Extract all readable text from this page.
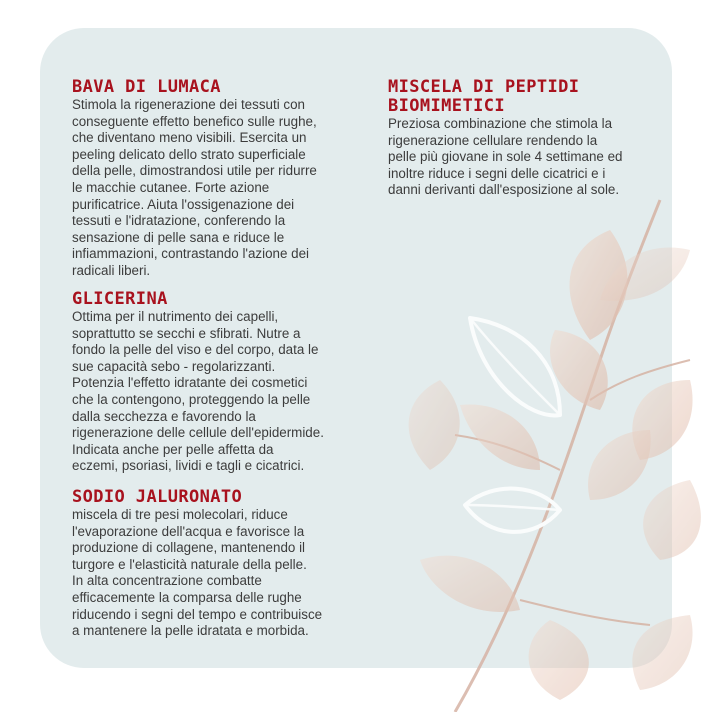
BAVA DI LUMACA
Stimola la rigenerazione dei tessuti con
conseguente effetto benefico sulle rughe,
che diventano meno visibili. Esercita un
peeling delicato dello strato superficiale
della pelle, dimostrandosi utile per ridurre
le macchie cutanee. Forte azione
purificatrice. Aiuta l'ossigenazione dei
tessuti e l'idratazione, conferendo la
sensazione di pelle sana e riduce le
infiammazioni, contrastando l'azione dei
radicali liberi.
GLICERINA
Ottima per il nutrimento dei capelli,
soprattutto se secchi e sfibrati. Nutre a
fondo la pelle del viso e del corpo, data le
sue capacità sebo - regolarizzanti.
Potenzia l'effetto idratante dei cosmetici
che la contengono, proteggendo la pelle
dalla secchezza e favorendo la
rigenerazione delle cellule dell'epidermide.
Indicata anche per pelle affetta da
eczemi, psoriasi, lividi e tagli e cicatrici.
SODIO JALURONATO
miscela di tre pesi molecolari, riduce
l'evaporazione dell'acqua e favorisce la
produzione di collagene, mantenendo il
turgore e l'elasticità naturale della pelle.
In alta concentrazione combatte
efficacemente la comparsa delle rughe
riducendo i segni del tempo e contribuisce
a mantenere la pelle idratata e morbida.
MISCELA DI PEPTIDI
BIOMIMETICI
Preziosa combinazione che stimola la
rigenerazione cellulare rendendo la
pelle più giovane in sole 4 settimane ed
inoltre riduce i segni delle cicatrici e i
danni derivanti dall'esposizione al sole.
